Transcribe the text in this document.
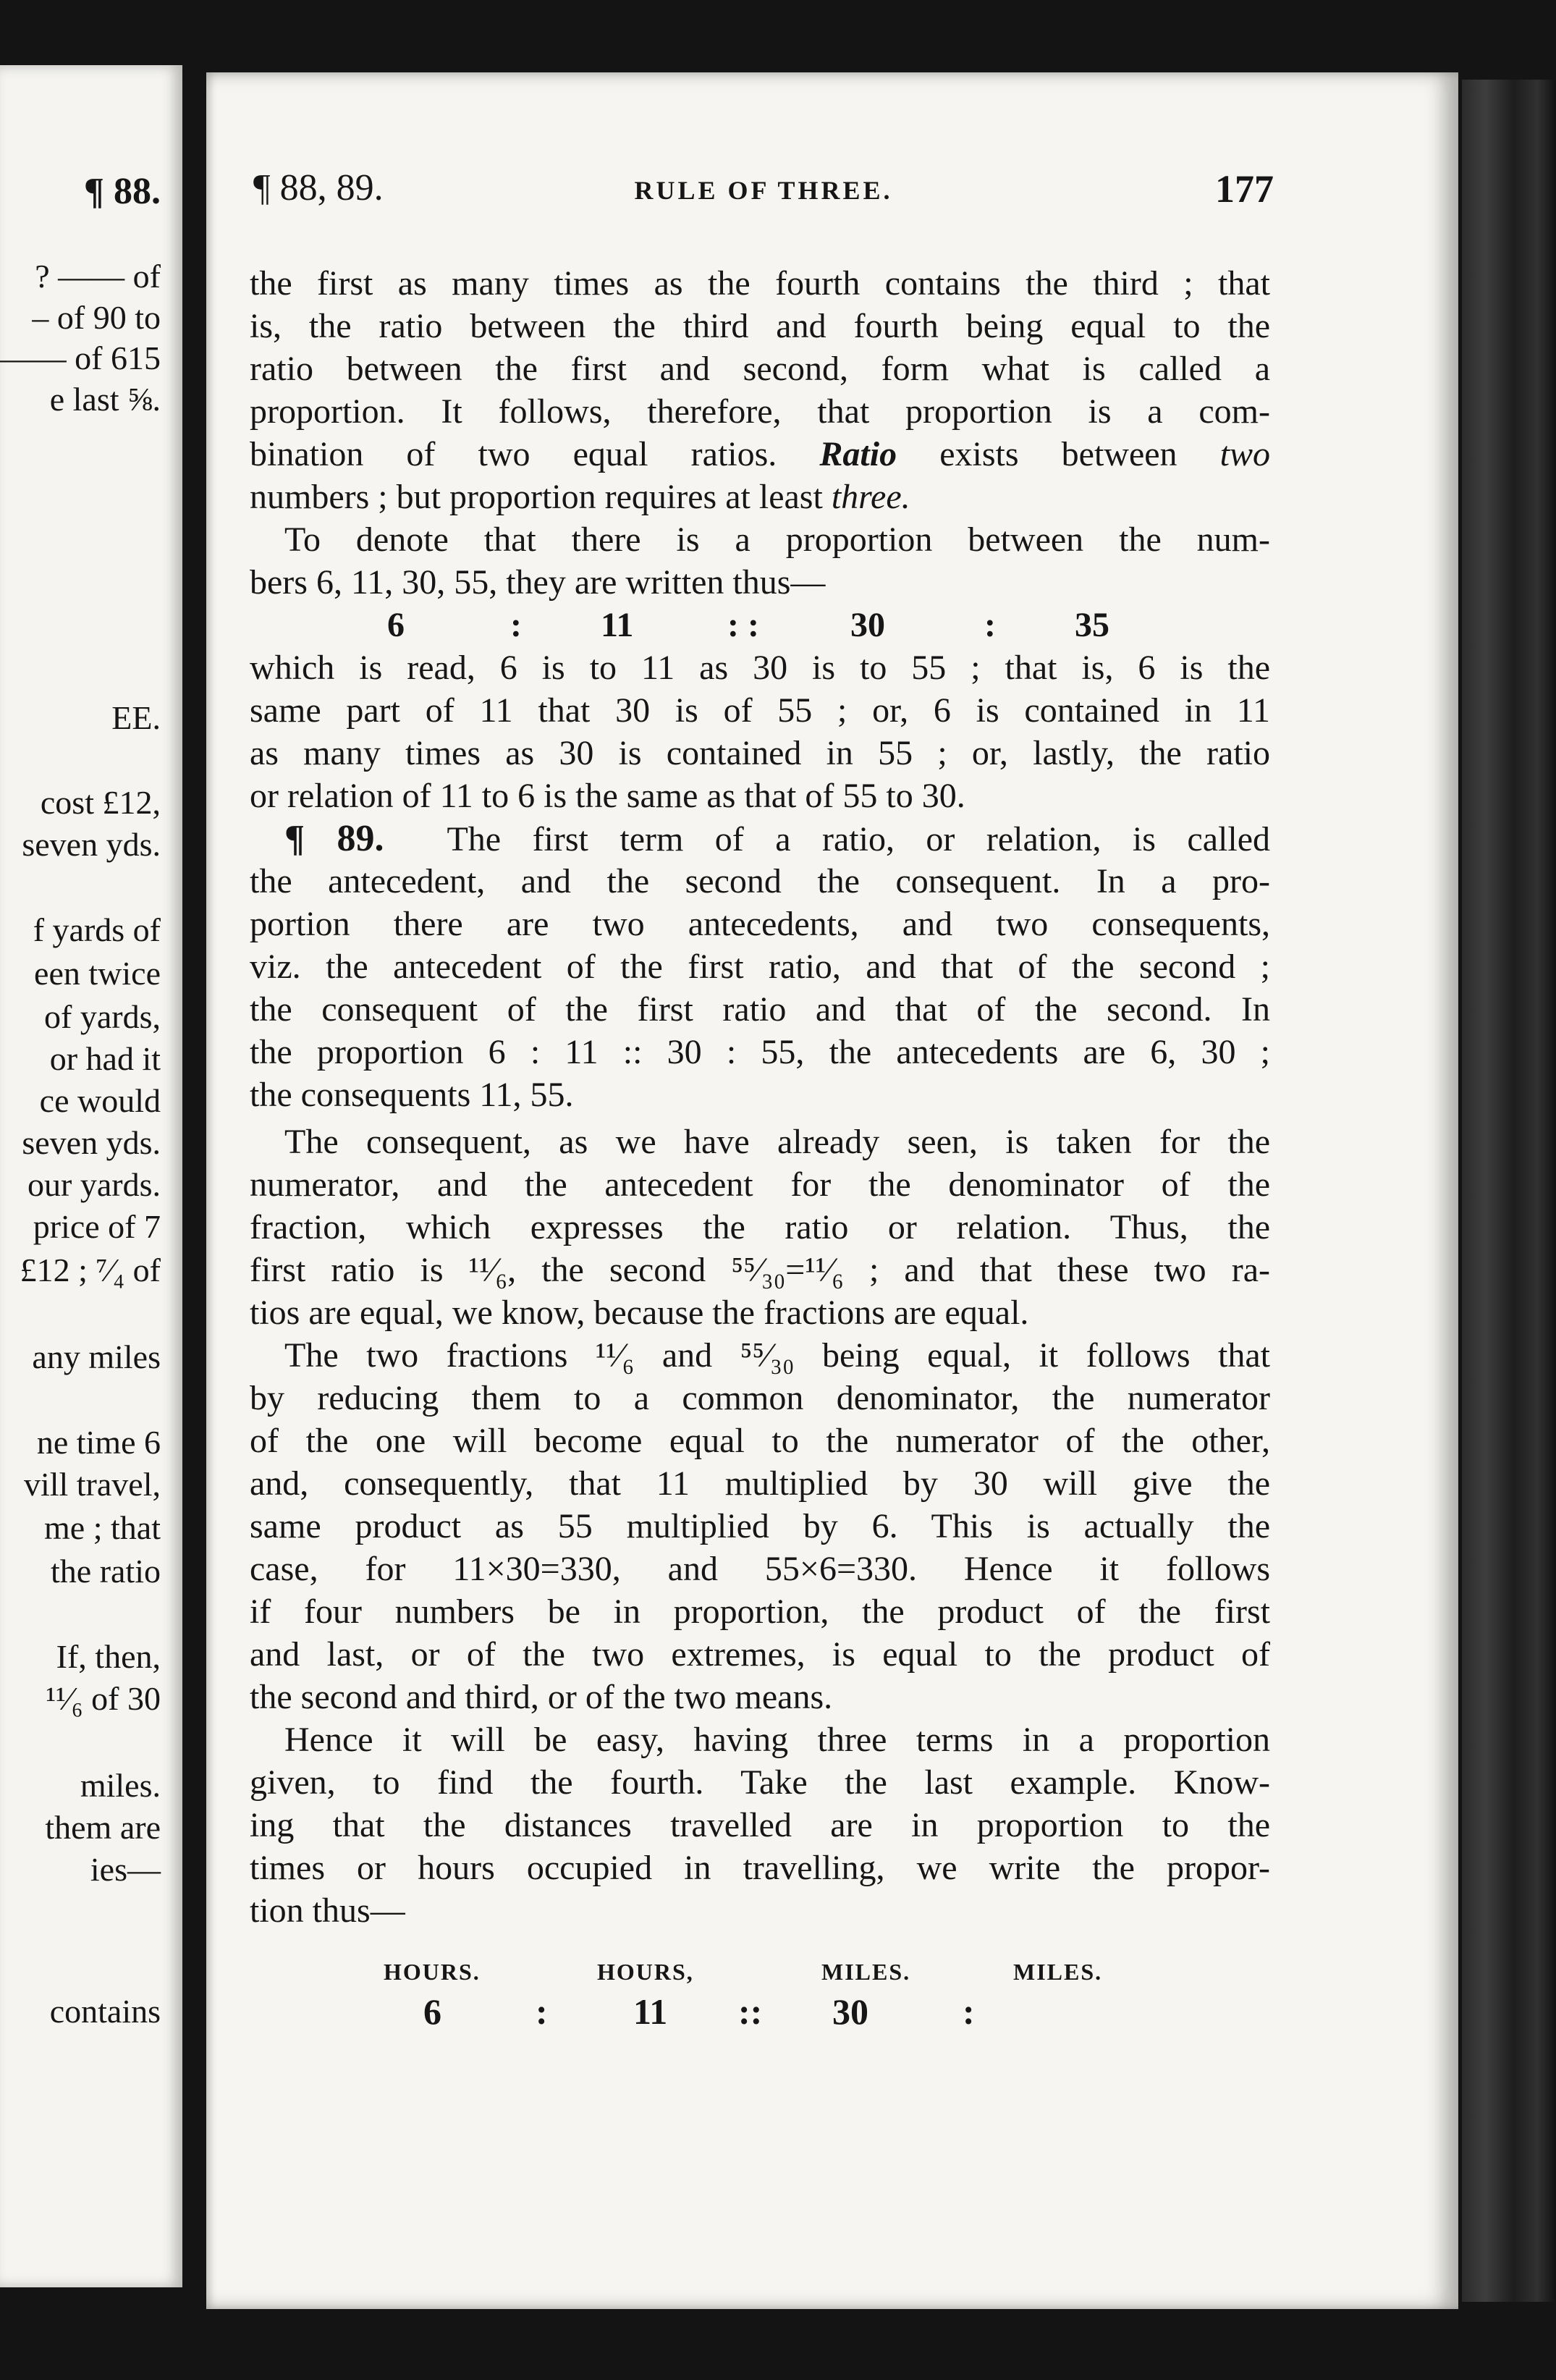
¶ 88.
? —— of
– of 90 to
—— of 615
e last ⅝.
EE.
cost £12,
seven yds.
f yards of
een twice
of yards,
or had it
ce would
seven yds.
our yards.
price of 7
£12 ; ⁷⁄₄ of
any miles
ne time 6
vill travel,
me ; that
the ratio
If, then,
¹¹⁄₆ of 30
miles.
them are
ies—
contains
¶ 88, 89.	RULE OF THREE.	177
the first as many times as the fourth contains the third ; that
is, the ratio between the third and fourth being equal to the
ratio between the first and second, form what is called a
proportion. It follows, therefore, that proportion is a com-
bination of two equal ratios. Ratio exists between two
numbers ; but proportion requires at least three.
To denote that there is a proportion between the num-
bers 6, 11, 30, 55, they are written thus—
6	: 11	: :	30	: 35
which is read, 6 is to 11 as 30 is to 55 ; that is, 6 is the
same part of 11 that 30 is of 55 ; or, 6 is contained in 11
as many times as 30 is contained in 55 ; or, lastly, the ratio
or relation of 11 to 6 is the same as that of 55 to 30.
¶ 89. The first term of a ratio, or relation, is called
the antecedent, and the second the consequent. In a pro-
portion there are two antecedents, and two consequents,
viz. the antecedent of the first ratio, and that of the second ;
the consequent of the first ratio and that of the second. In
the proportion 6 : 11 :: 30 : 55, the antecedents are 6, 30 ;
the consequents 11, 55.
The consequent, as we have already seen, is taken for the
numerator, and the antecedent for the denominator of the
fraction, which expresses the ratio or relation. Thus, the
first ratio is ¹¹⁄₆, the second ⁵⁵⁄₃₀=¹¹⁄₆ ; and that these two ra-
tios are equal, we know, because the fractions are equal.
The two fractions ¹¹⁄₆ and ⁵⁵⁄₃₀ being equal, it follows that
by reducing them to a common denominator, the numerator
of the one will become equal to the numerator of the other,
and, consequently, that 11 multiplied by 30 will give the
same product as 55 multiplied by 6. This is actually the
case, for 11×30=330, and 55×6=330. Hence it follows
if four numbers be in proportion, the product of the first
and last, or of the two extremes, is equal to the product of
the second and third, or of the two means.
Hence it will be easy, having three terms in a proportion
given, to find the fourth. Take the last example. Know-
ing that the distances travelled are in proportion to the
times or hours occupied in travelling, we write the propor-
tion thus—
HOURS.	HOURS,	MILES.	MILES.
6	: 11 :: 30	:
